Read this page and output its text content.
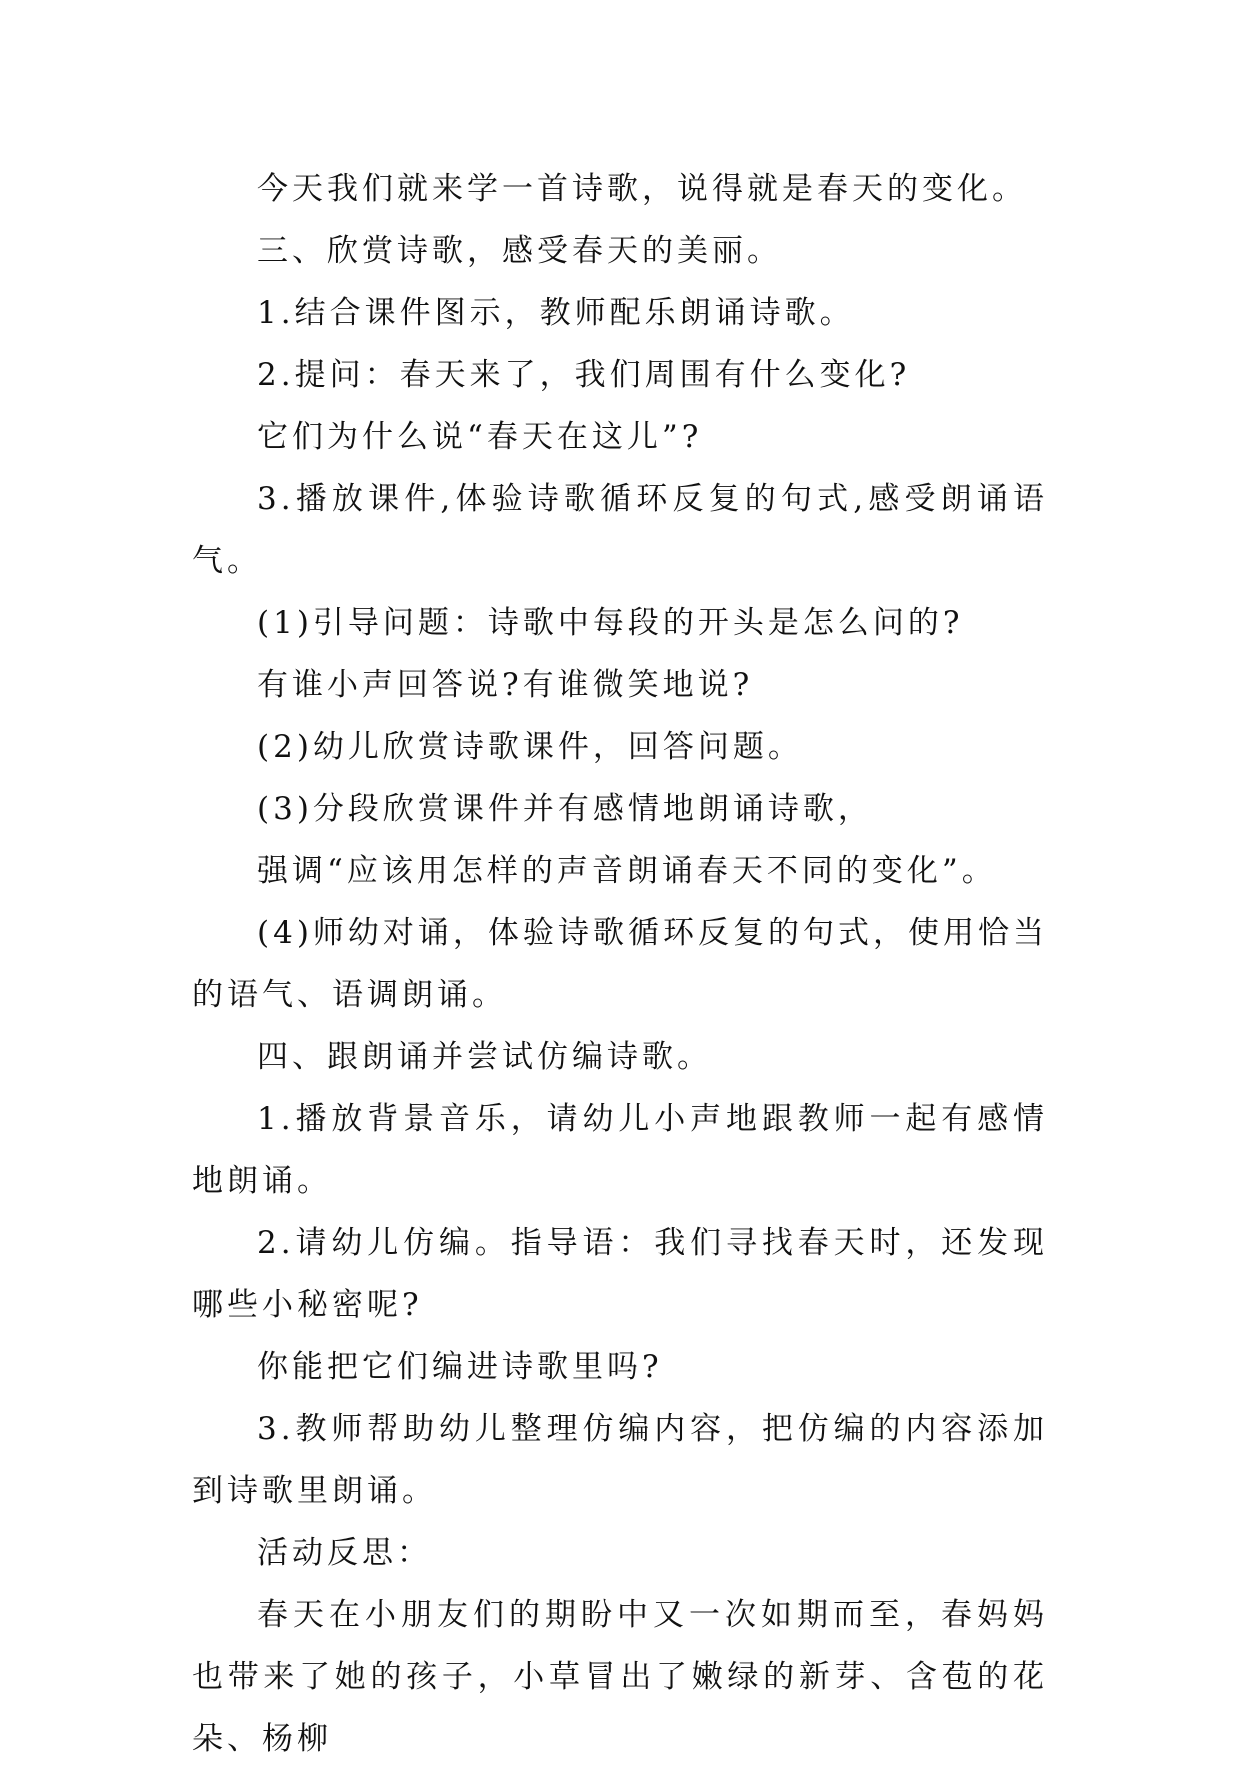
今天我们就来学一首诗歌，说得就是春天的变化。

三、欣赏诗歌，感受春天的美丽。

1.结合课件图示，教师配乐朗诵诗歌。

2.提问：春天来了，我们周围有什么变化?

它们为什么说“春天在这儿”?

3.播放课件,体验诗歌循环反复的句式,感受朗诵语气。

(1)引导问题：诗歌中每段的开头是怎么问的?

有谁小声回答说?有谁微笑地说?

(2)幼儿欣赏诗歌课件，回答问题。

(3)分段欣赏课件并有感情地朗诵诗歌，

强调“应该用怎样的声音朗诵春天不同的变化”。

(4)师幼对诵，体验诗歌循环反复的句式，使用恰当的语气、语调朗诵。

四、跟朗诵并尝试仿编诗歌。

1.播放背景音乐，请幼儿小声地跟教师一起有感情地朗诵。

2.请幼儿仿编。指导语：我们寻找春天时，还发现哪些小秘密呢?

你能把它们编进诗歌里吗?

3.教师帮助幼儿整理仿编内容，把仿编的内容添加到诗歌里朗诵。

活动反思：

春天在小朋友们的期盼中又一次如期而至，春妈妈也带来了她的孩子，小草冒出了嫩绿的新芽、含苞的花朵、杨柳
